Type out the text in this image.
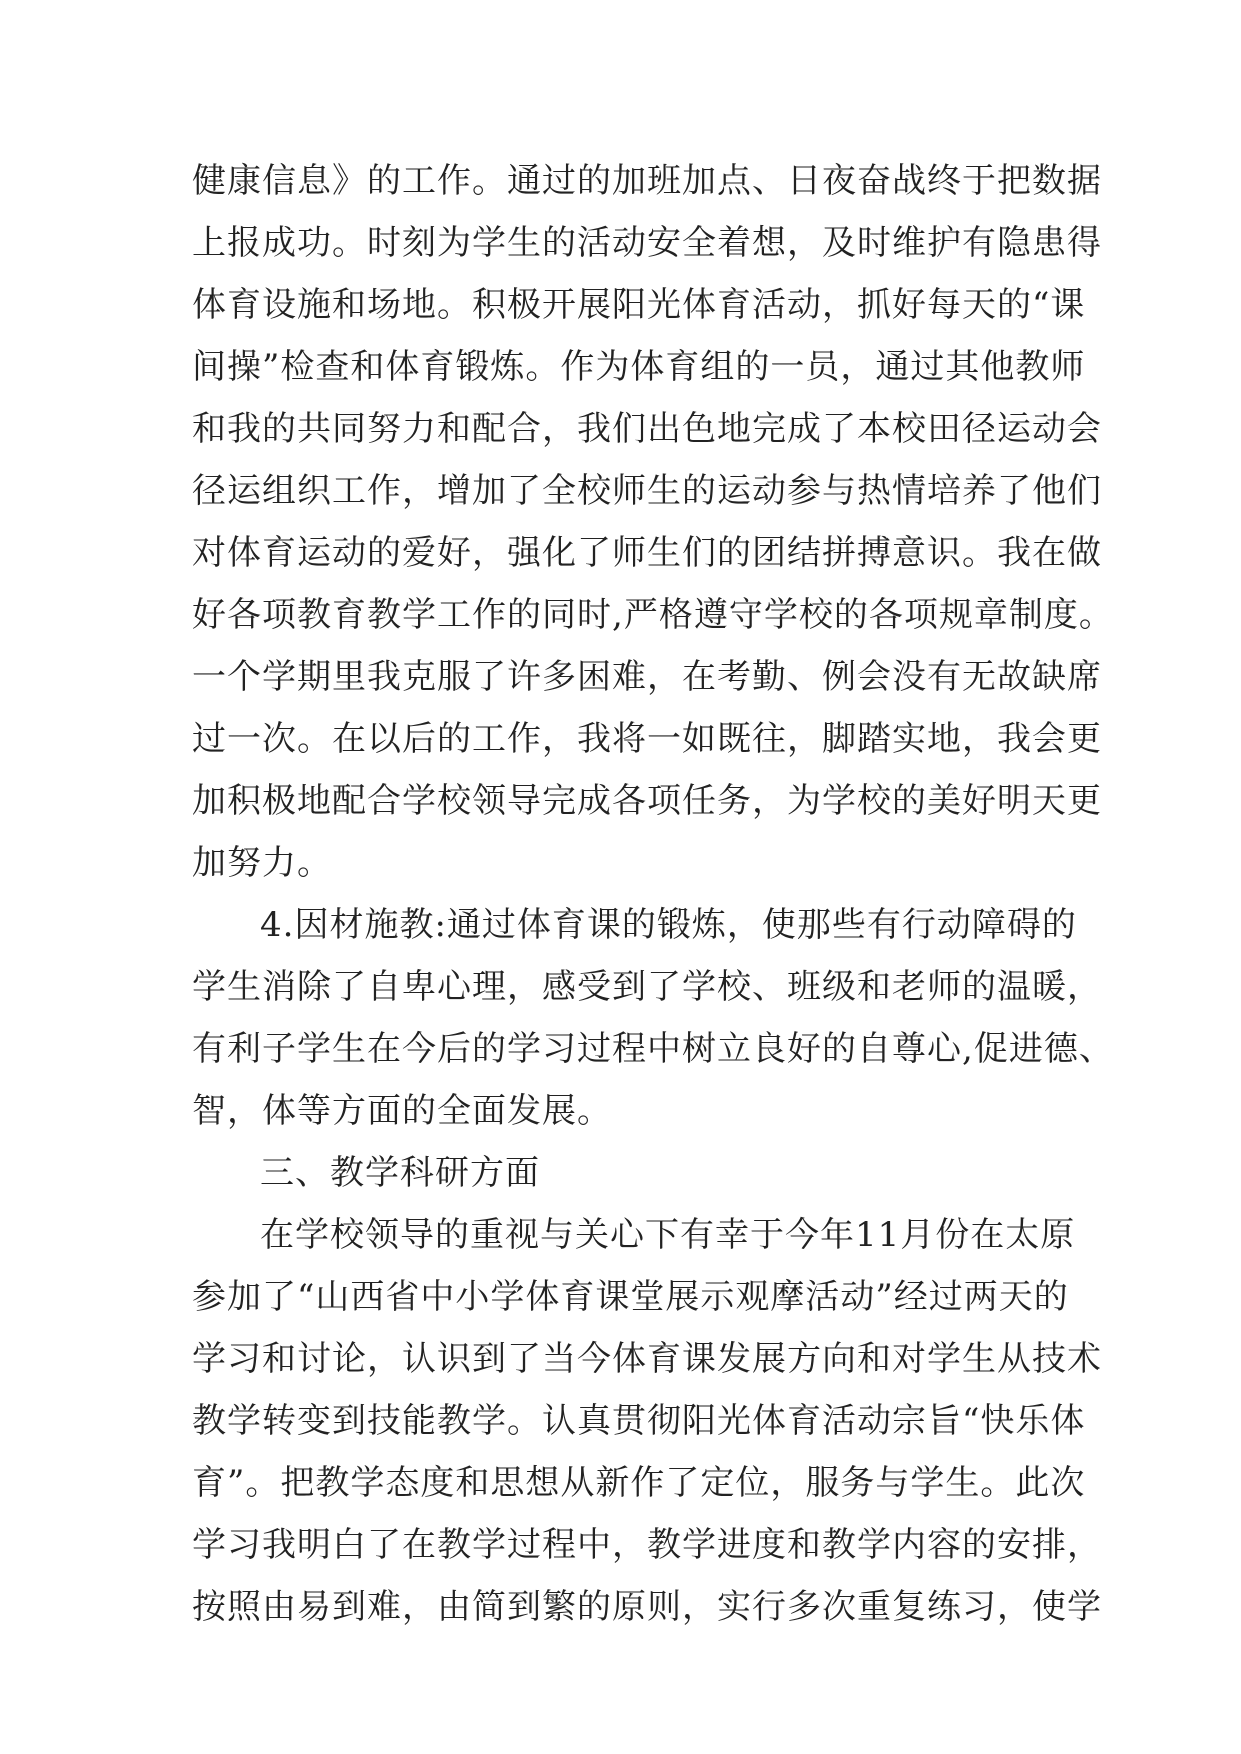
健 康 信 息 》 的 工 作 。 通 过 的 加 班 加 点 、 日 夜 奋 战 终 于 把 数 据
上 报 成 功 。 时 刻 为 学 生 的 活 动 安 全 着 想 ， 及 时 维 护 有 隐 患 得
体 育 设 施 和 场 地 。 积 极 开 展 阳 光 体 育 活 动 ， 抓 好 每 天 的 “ 课
间 操 ” 检 查 和 体 育 锻 炼 。 作 为 体 育 组 的 一 员 ， 通 过 其 他 教 师
和 我 的 共 同 努 力 和 配 合 ， 我 们 出 色 地 完 成 了 本 校 田 径 运 动 会
径 运 组 织 工 作 ， 增 加 了 全 校 师 生 的 运 动 参 与 热 情 培 养 了 他 们
对 体 育 运 动 的 爱 好 ， 强 化 了 师 生 们 的 团 结 拼 搏 意 识 。 我 在 做
好 各 项 教 育 教 学 工 作 的 同 时 , 严 格 遵 守 学 校 的 各 项 规 章 制 度 。
一 个 学 期 里 我 克 服 了 许 多 困 难 ， 在 考 勤 、 例 会 没 有 无 故 缺 席
过 一 次 。 在 以 后 的 工 作 ， 我 将 一 如 既 往 ， 脚 踏 实 地 ， 我 会 更
加 积 极 地 配 合 学 校 领 导 完 成 各 项 任 务 ， 为 学 校 的 美 好 明 天 更
加努力。
4 . 因 材 施 教 : 通 过 体 育 课 的 锻 炼 ， 使 那 些 有 行 动 障 碍 的
学 生 消 除 了 自 卑 心 理 ， 感 受 到 了 学 校 、 班 级 和 老 师 的 温 暖 ，
有 利 子 学 生 在 今 后 的 学 习 过 程 中 树 立 良 好 的 自 尊 心 , 促 进 德 、
智，体等方面的全面发展。
三、教学科研方面
在 学 校 领 导 的 重 视 与 关 心 下 有 幸 于 今 年 11 月 份 在 太 原
参 加 了 “ 山 西 省 中 小 学 体 育 课 堂 展 示 观 摩 活 动 ” 经 过 两 天 的
学 习 和 讨 论 ， 认 识 到 了 当 今 体 育 课 发 展 方 向 和 对 学 生 从 技 术
教 学 转 变 到 技 能 教 学 。 认 真 贯 彻 阳 光 体 育 活 动 宗 旨 “ 快 乐 体
育 ” 。 把 教 学 态 度 和 思 想 从 新 作 了 定 位 ， 服 务 与 学 生 。 此 次
学 习 我 明 白 了 在 教 学 过 程 中 ， 教 学 进 度 和 教 学 内 容 的 安 排 ，
按 照 由 易 到 难 ， 由 简 到 繁 的 原 则 ， 实 行 多 次 重 复 练 习 ， 使 学
